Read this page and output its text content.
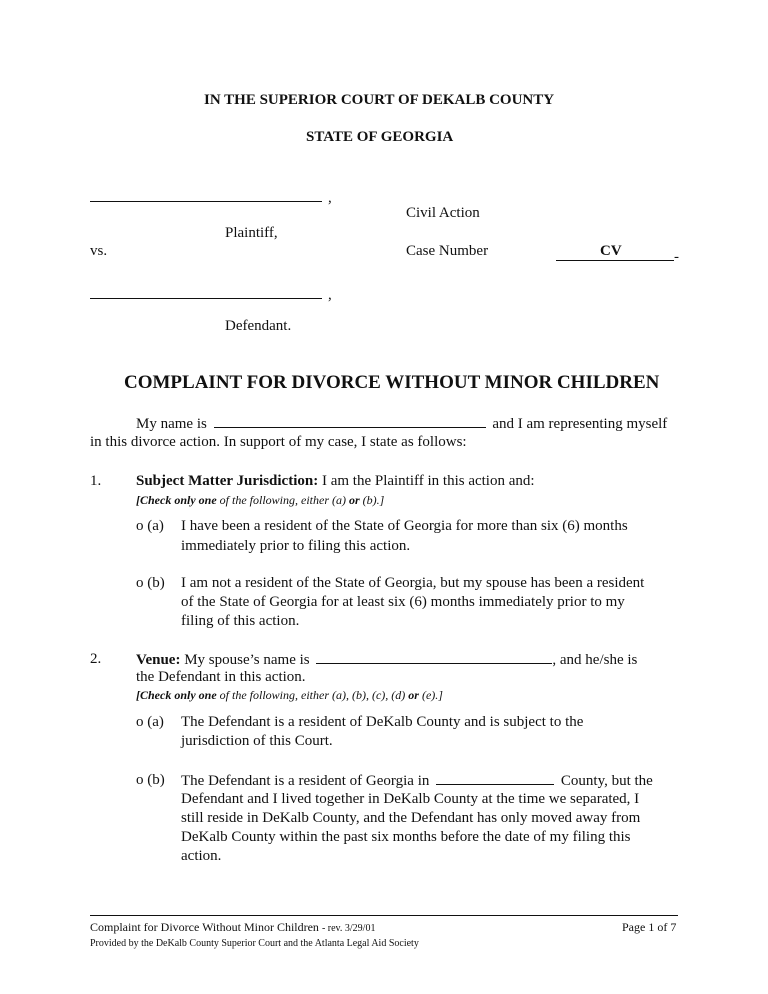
IN THE SUPERIOR COURT OF DEKALB COUNTY
STATE OF GEORGIA
,
Plaintiff,
vs.
,
Defendant.
Civil Action
Case Number	CV	-
COMPLAINT FOR DIVORCE WITHOUT MINOR CHILDREN
My name is	and I am representing myself
in this divorce action. In support of my case, I state as follows:
1. Subject Matter Jurisdiction: I am the Plaintiff in this action and:
[Check only one of the following, either (a) or (b).]
o (a) I have been a resident of the State of Georgia for more than six (6) months
immediately prior to filing this action.
o (b) I am not a resident of the State of Georgia, but my spouse has been a resident
of the State of Georgia for at least six (6) months immediately prior to my
filing of this action.
2. Venue: My spouse’s name is	, and he/she is
the Defendant in this action.
[Check only one of the following, either (a), (b), (c), (d) or (e).]
o (a) The Defendant is a resident of DeKalb County and is subject to the
jurisdiction of this Court.
o (b) The Defendant is a resident of Georgia in	County, but the
Defendant and I lived together in DeKalb County at the time we separated, I
still reside in DeKalb County, and the Defendant has only moved away from
DeKalb County within the past six months before the date of my filing this
action.
Complaint for Divorce Without Minor Children - rev. 3/29/01	Page 1 of 7
Provided by the DeKalb County Superior Court and the Atlanta Legal Aid Society
